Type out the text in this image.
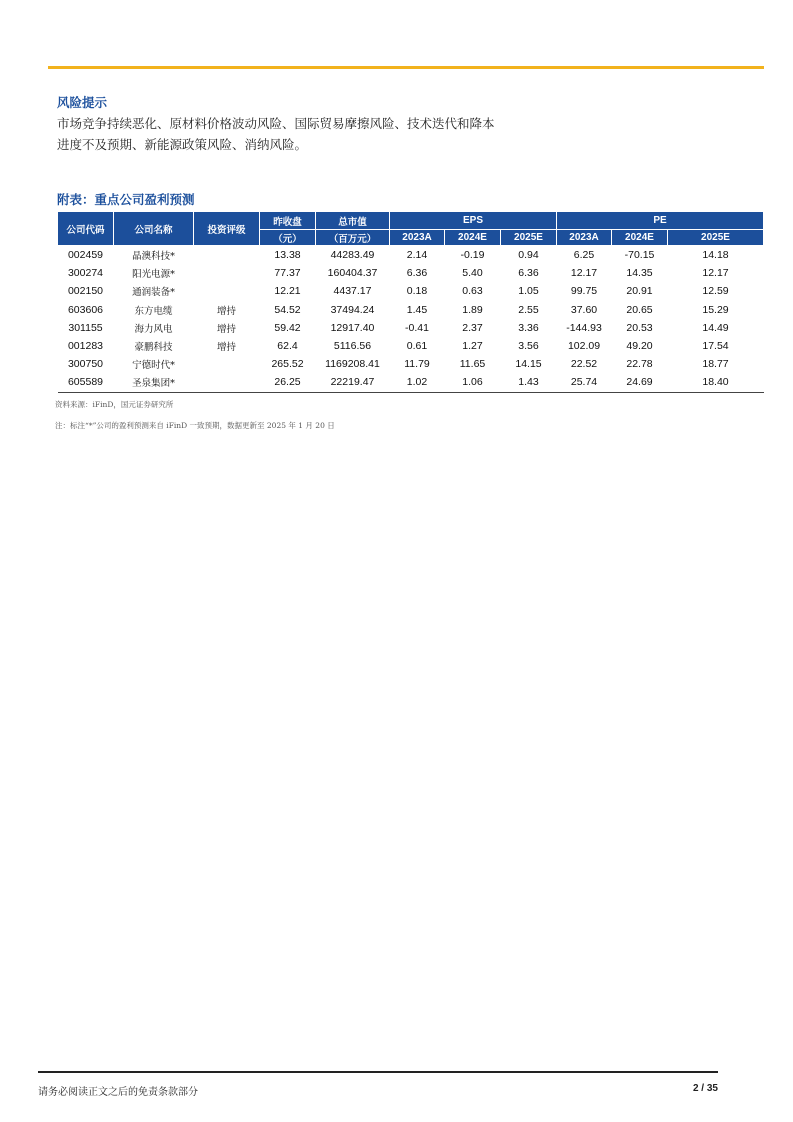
风险提示
市场竞争持续恶化、原材料价格波动风险、国际贸易摩擦风险、技术迭代和降本进度不及预期、新能源政策风险、消纳风险。
附表：重点公司盈利预测
公司代码	公司名称	投资评级	昨收盘	总市值	EPS			PE		
			（元）	（百万元）	2023A	2024E	2025E	2023A	2024E	2025E
002459	晶澳科技*		13.38	44283.49	2.14	-0.19	0.94	6.25	-70.15	14.18
300274	阳光电源*		77.37	160404.37	6.36	5.40	6.36	12.17	14.35	12.17
002150	通润装备*		12.21	4437.17	0.18	0.63	1.05	99.75	20.91	12.59
603606	东方电缆	增持	54.52	37494.24	1.45	1.89	2.55	37.60	20.65	15.29
301155	海力风电	增持	59.42	12917.40	-0.41	2.37	3.36	-144.93	20.53	14.49
001283	豪鹏科技	增持	62.4	5116.56	0.61	1.27	3.56	102.09	49.20	17.54
300750	宁德时代*		265.52	1169208.41	11.79	11.65	14.15	22.52	22.78	18.77
605589	圣泉集团*		26.25	22219.47	1.02	1.06	1.43	25.74	24.69	18.40
资料来源：iFinD，国元证券研究所
注：标注“*”公司的盈利预测来自 iFinD 一致预期，数据更新至 2025 年 1 月 20 日
请务必阅读正文之后的免责条款部分	2 / 35
